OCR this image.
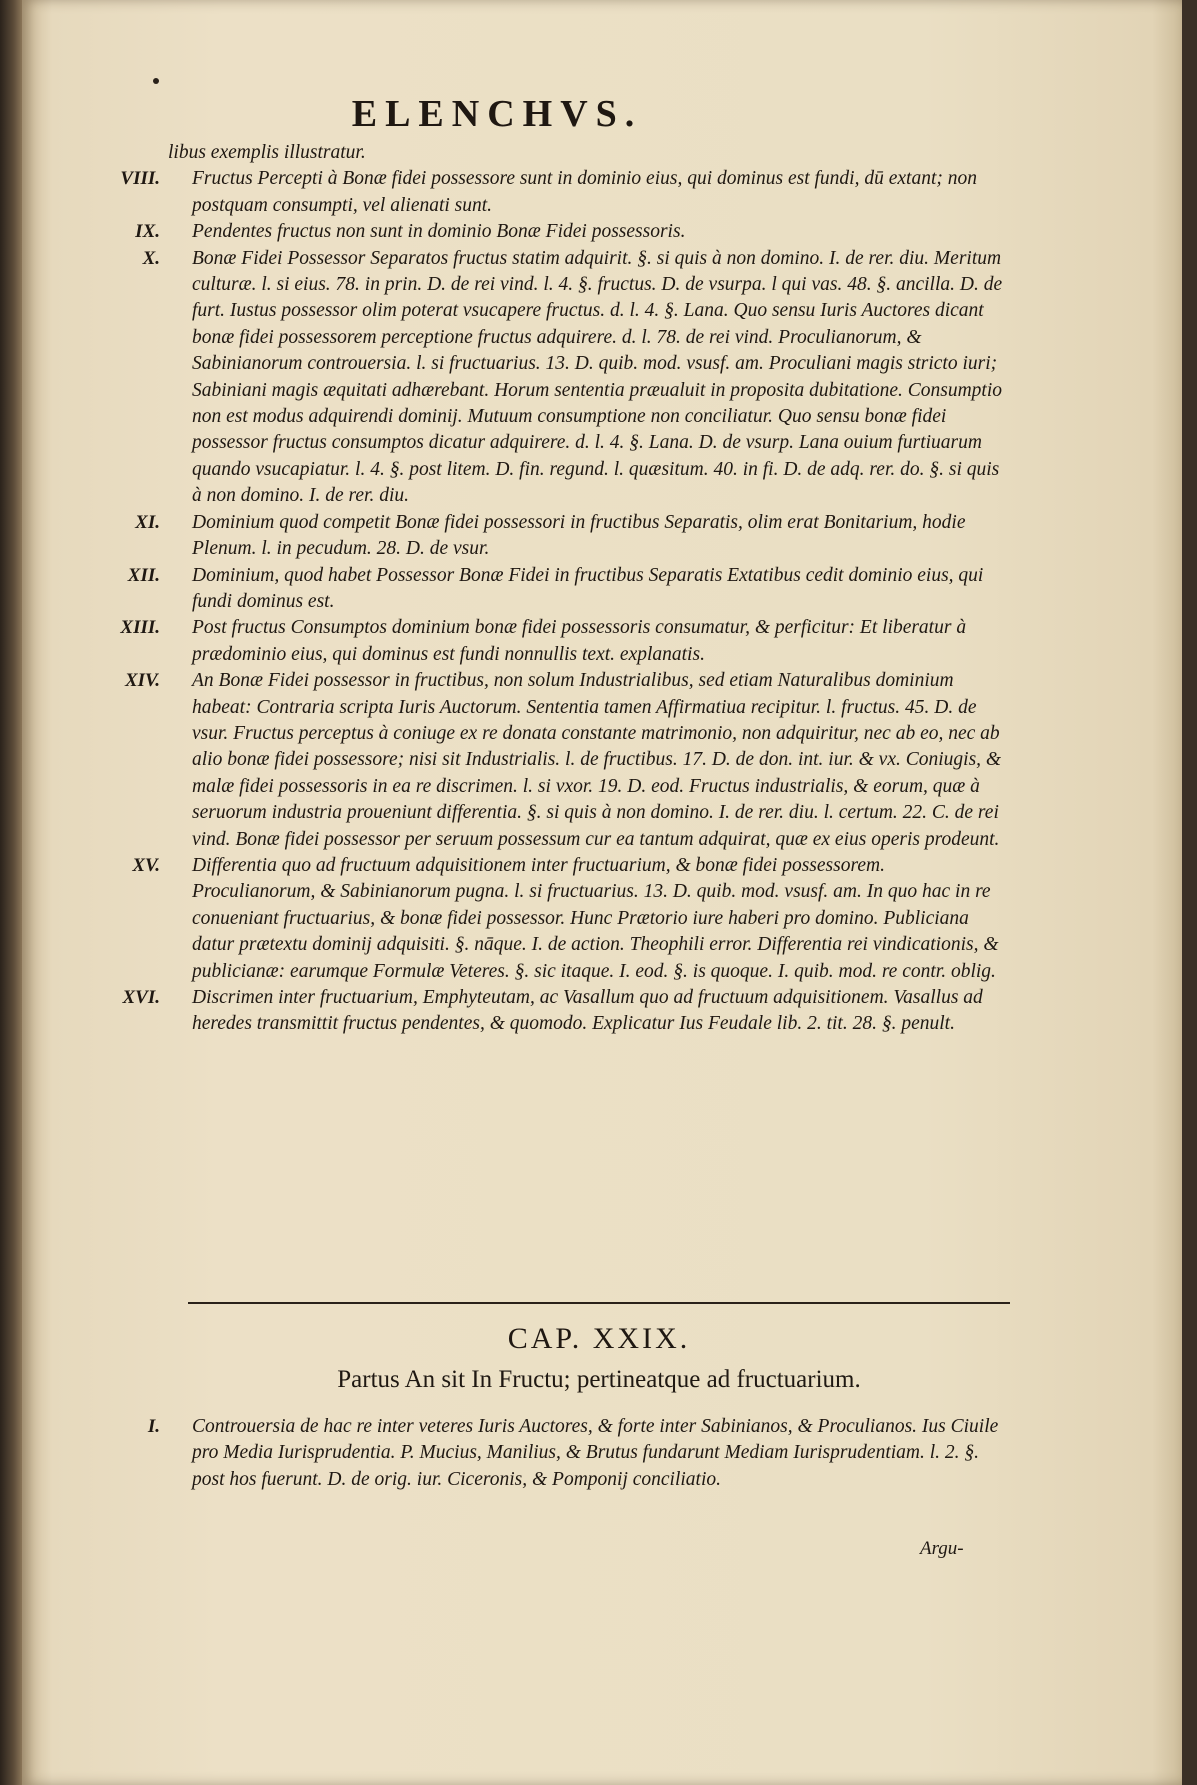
ELENCHVS.

libus exemplis illustratur.

VIII. Fructus Percepti à Bonæ fidei possessore sunt in dominio eius, qui dominus est fundi, dū extant; non postquam consumpti, vel alienati sunt.

IX. Pendentes fructus non sunt in dominio Bonæ Fidei possessoris.

X. Bonæ Fidei Possessor Separatos fructus statim adquirit. §. si quis à non domino. I. de rer. diu. Meritum culturæ. l. si eius. 78. in prin. D. de rei vind. l. 4. §. fructus. D. de vsurpa. l qui vas. 48. §. ancilla. D. de furt. Iustus possessor olim poterat vsucapere fructus. d. l. 4. §. Lana. Quo sensu Iuris Auctores dicant bonæ fidei possessorem perceptione fructus adquirere. d. l. 78. de rei vind. Proculianorum, & Sabinianorum controuersia. l. si fructuarius. 13. D. quib. mod. vsusf. am. Proculiani magis stricto iuri; Sabiniani magis æquitati adhærebant. Horum sententia præualuit in proposita dubitatione. Consumptio non est modus adquirendi dominij. Mutuum consumptione non conciliatur. Quo sensu bonæ fidei possessor fructus consumptos dicatur adquirere. d. l. 4. §. Lana. D. de vsurp. Lana ouium furtiuarum quando vsucapiatur. l. 4. §. post litem. D. fin. regund. l. quæsitum. 40. in fi. D. de adq. rer. do. §. si quis à non domino. I. de rer. diu.

XI. Dominium quod competit Bonæ fidei possessori in fructibus Separatis, olim erat Bonitarium, hodie Plenum. l. in pecudum. 28. D. de vsur.

XII. Dominium, quod habet Possessor Bonæ Fidei in fructibus Separatis Extatibus cedit dominio eius, qui fundi dominus est.

XIII. Post fructus Consumptos dominium bonæ fidei possessoris consumatur, & perficitur: Et liberatur à prædominio eius, qui dominus est fundi nonnullis text. explanatis.

XIV. An Bonæ Fidei possessor in fructibus, non solum Industrialibus, sed etiam Naturalibus dominium habeat: Contraria scripta Iuris Auctorum. Sententia tamen Affirmatiua recipitur. l. fructus. 45. D. de vsur. Fructus perceptus à coniuge ex re donata constante matrimonio, non adquiritur, nec ab eo, nec ab alio bonæ fidei possessore; nisi sit Industrialis. l. de fructibus. 17. D. de don. int. iur. & vx. Coniugis, & malæ fidei possessoris in ea re discrimen. l. si vxor. 19. D. eod. Fructus industrialis, & eorum, quæ à seruorum industria proueniunt differentia. §. si quis à non domino. I. de rer. diu. l. certum. 22. C. de rei vind. Bonæ fidei possessor per seruum possessum cur ea tantum adquirat, quæ ex eius operis prodeunt.

XV. Differentia quo ad fructuum adquisitionem inter fructuarium, & bonæ fidei possessorem. Proculianorum, & Sabinianorum pugna. l. si fructuarius. 13. D. quib. mod. vsusf. am. In quo hac in re conueniant fructuarius, & bonæ fidei possessor. Hunc Prætorio iure haberi pro domino. Publiciana datur prætextu dominij adquisiti. §. nāque. I. de action. Theophili error. Differentia rei vindicationis, & publicianæ: earumque Formulæ Veteres. §. sic itaque. I. eod. §. is quoque. I. quib. mod. re contr. oblig.

XVI. Discrimen inter fructuarium, Emphyteutam, ac Vasallum quo ad fructuum adquisitionem. Vasallus ad heredes transmittit fructus pendentes, & quomodo. Explicatur Ius Feudale lib. 2. tit. 28. §. penult.

CAP. XXIX.
Partus An sit In Fructu; pertineatque ad fructuarium.

I. Controuersia de hac re inter veteres Iuris Auctores, & forte inter Sabinianos, & Proculianos. Ius Ciuile pro Media Iurisprudentia. P. Mucius, Manilius, & Brutus fundarunt Mediam Iurisprudentiam. l. 2. §. post hos fuerunt. D. de orig. iur. Ciceronis, & Pomponij conciliatio.

Argu-
